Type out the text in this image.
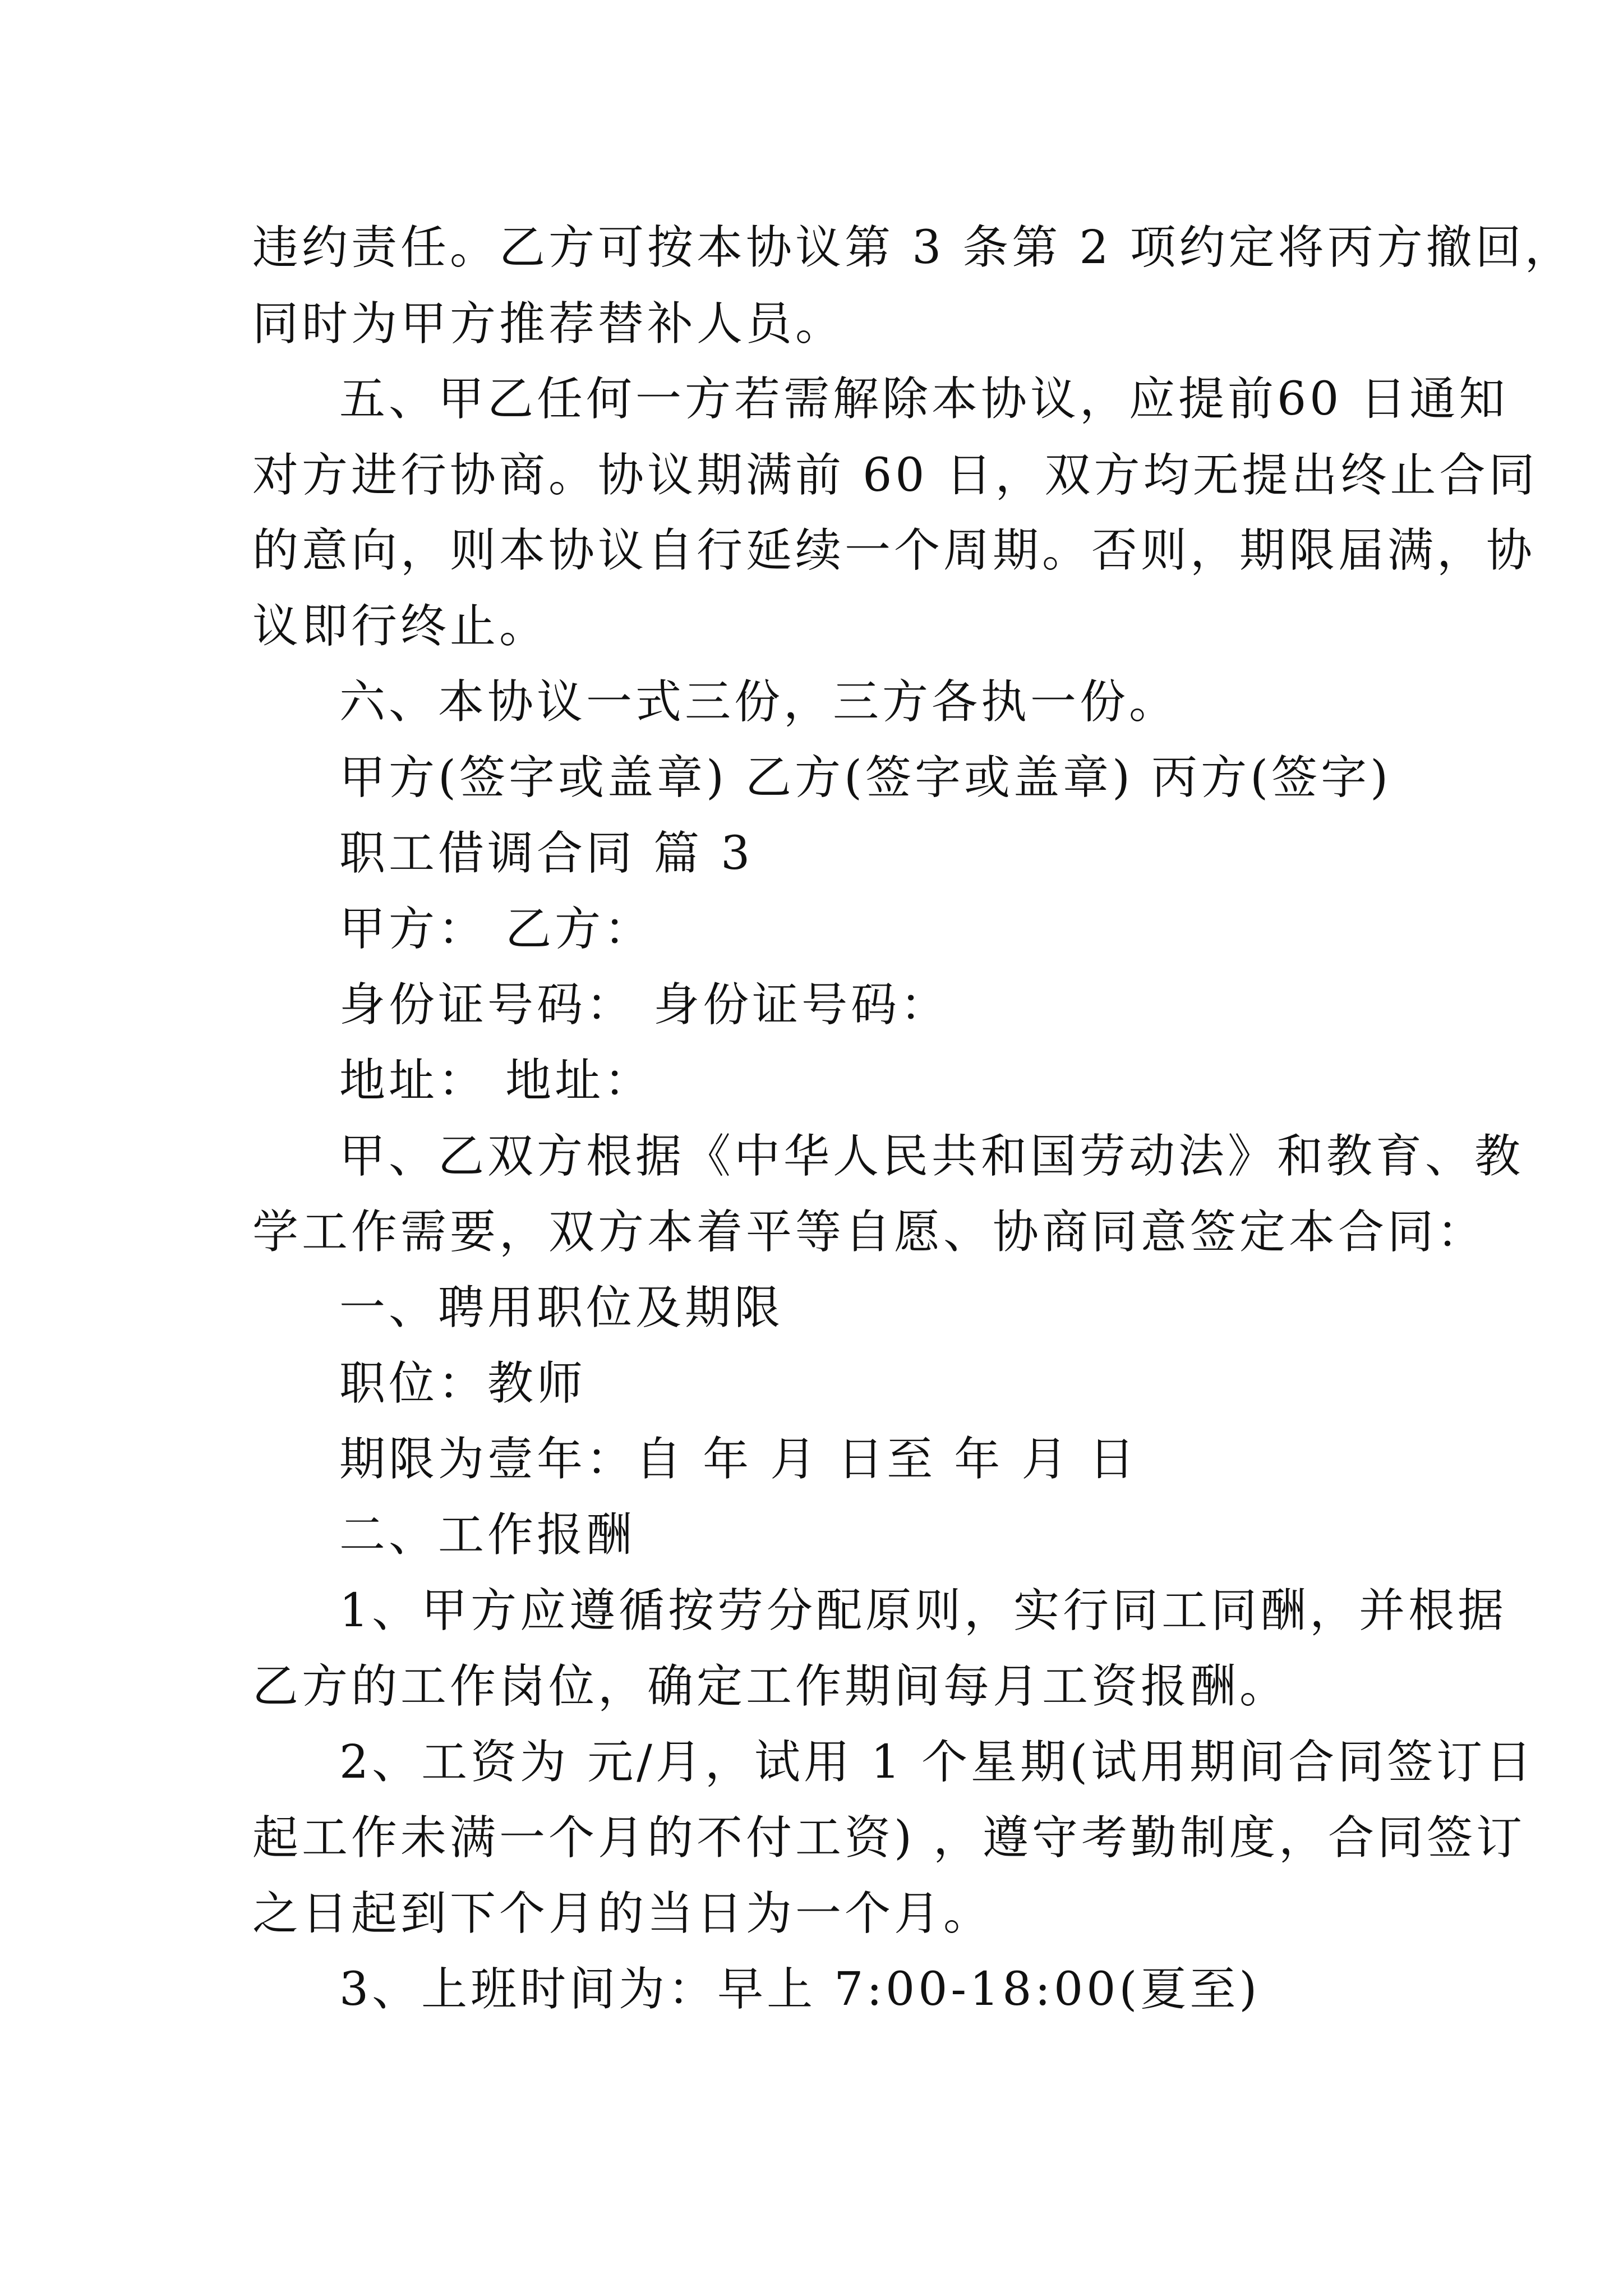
违约责任。乙方可按本协议第 3 条第 2 项约定将丙方撤回，
同时为甲方推荐替补人员。
五、甲乙任何一方若需解除本协议，应提前60 日通知
对方进行协商。协议期满前 60 日，双方均无提出终止合同
的意向，则本协议自行延续一个周期。否则，期限届满，协
议即行终止。
六、本协议一式三份，三方各执一份。
甲方(签字或盖章) 乙方(签字或盖章) 丙方(签字)
职工借调合同 篇 3
甲方： 乙方：
身份证号码： 身份证号码：
地址： 地址：
甲、乙双方根据《中华人民共和国劳动法》和教育、教
学工作需要，双方本着平等自愿、协商同意签定本合同：
一、聘用职位及期限
职位：教师
期限为壹年：自 年 月 日至 年 月 日
二、工作报酬
1、甲方应遵循按劳分配原则，实行同工同酬，并根据
乙方的工作岗位，确定工作期间每月工资报酬。
2、工资为 元/月，试用 1 个星期(试用期间合同签订日
起工作未满一个月的不付工资) ，遵守考勤制度，合同签订
之日起到下个月的当日为一个月。
3、上班时间为：早上 7:00-18:00(夏至)
